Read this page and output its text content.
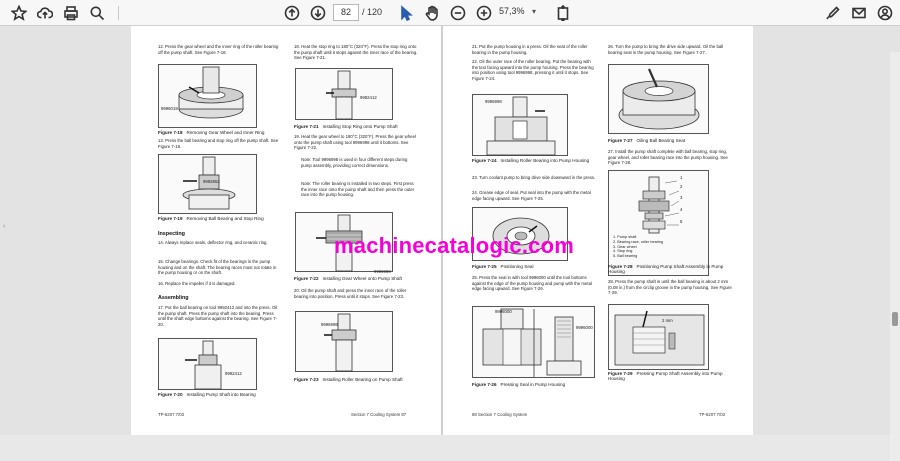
82	/ 120	57,3% ▾
12. Press the gear wheel and the inner ring of the roller bearing off the pump shaft. See Figure 7-18.
9996019
Figure 7-18 Removing Gear Wheel and Inner Ring
13. Press the ball bearing and stop ring off the pump shaft. See Figure 7-19.
9992853
Figure 7-19 Removing Ball Bearing and Stop Ring
Inspecting
14. Always replace seals, deflector ring, and ceramic ring.
15. Change bearings. Check fit of the bearings in the pump housing and on the shaft. The bearing races must not rotate in the pump housing or on the shaft.
16. Replace the impeller if it is damaged.
Assembling
17. Put the ball bearing on tool 9992412 and into the press. Oil the pump shaft. Press the pump shaft into the bearing. Press until the shaft edge bottoms against the bearing. See Figure 7-20.
9992412
Figure 7-20 Installing Pump Shaft into Bearing
TP-6207 7/03
18. Heat the stop ring to 180°C (320°F). Press the stop ring onto the pump shaft until it stops against the inner race of the bearing. See Figure 7-21.
9992412
Figure 7-21 Installing Stop Ring onto Pump Shaft
19. Heat the gear wheel to 180°C (320°F). Press the gear wheel onto the pump shaft using tool 9996998 until it bottoms. See Figure 7-22.
Note: Tool 9996998 is used in four different steps during pump assembly, providing correct dimensions.
Note: The roller bearing is installed in two steps. First press the inner race onto the pump shaft and then press the outer race into the pump housing.
9996998
Figure 7-22 Installing Gear Wheel onto Pump Shaft
20. Oil the pump shaft and press the inner race of the roller bearing into position. Press until it stops. See Figure 7-23.
9996998
Figure 7-23 Installing Roller Bearing on Pump Shaft
Section 7 Cooling System 87
21. Put the pump housing in a press. Oil the seat of the roller bearing in the pump housing.
22. Oil the outer race of the roller bearing. Put the bearing with the text facing upward into the pump housing. Press the bearing into position using tool 9996998, pressing it until it stops. See Figure 7-24.
9996998
Figure 7-24 Installing Roller Bearing into Pump Housing
23. Turn coolant pump to bring drive side downward in the press.
24. Grease edge of seal. Put seal into the pump with the metal edge facing upward. See Figure 7-25.
Figure 7-25 Positioning Seal
25. Press the seal in with tool 9996000 until the tool bottoms against the edge of the pump housing and pump with the metal edge facing upward. See Figure 7-26.
9996000
9996000
Figure 7-26 Pressing Seal in Pump Housing
88 Section 7 Cooling System
26. Turn the pump to bring the drive side upward. Oil the ball bearing seat in the pump housing. See Figure 7-27.
Figure 7-27 Oiling Ball Bearing Seat
27. Install the pump shaft complete with ball bearing, stop ring, gear wheel, and roller bearing race into the pump housing. See Figure 7-28.
1
2
3
4
5
1. Pump shaft
2. Bearing race, roller bearing
3. Gear wheel
4. Stop ring
5. Ball bearing
Figure 7-28 Positioning Pump Shaft Assembly in Pump Housing
28. Press the pump shaft in until the ball bearing is about 2 mm (0.08 in.) from the circlip groove in the pump housing. See Figure 7-29.
2 mm
Figure 7-29 Pressing Pump Shaft Assembly into Pump Housing
TP-6207 7/03
machinecatalogic.com
‹
